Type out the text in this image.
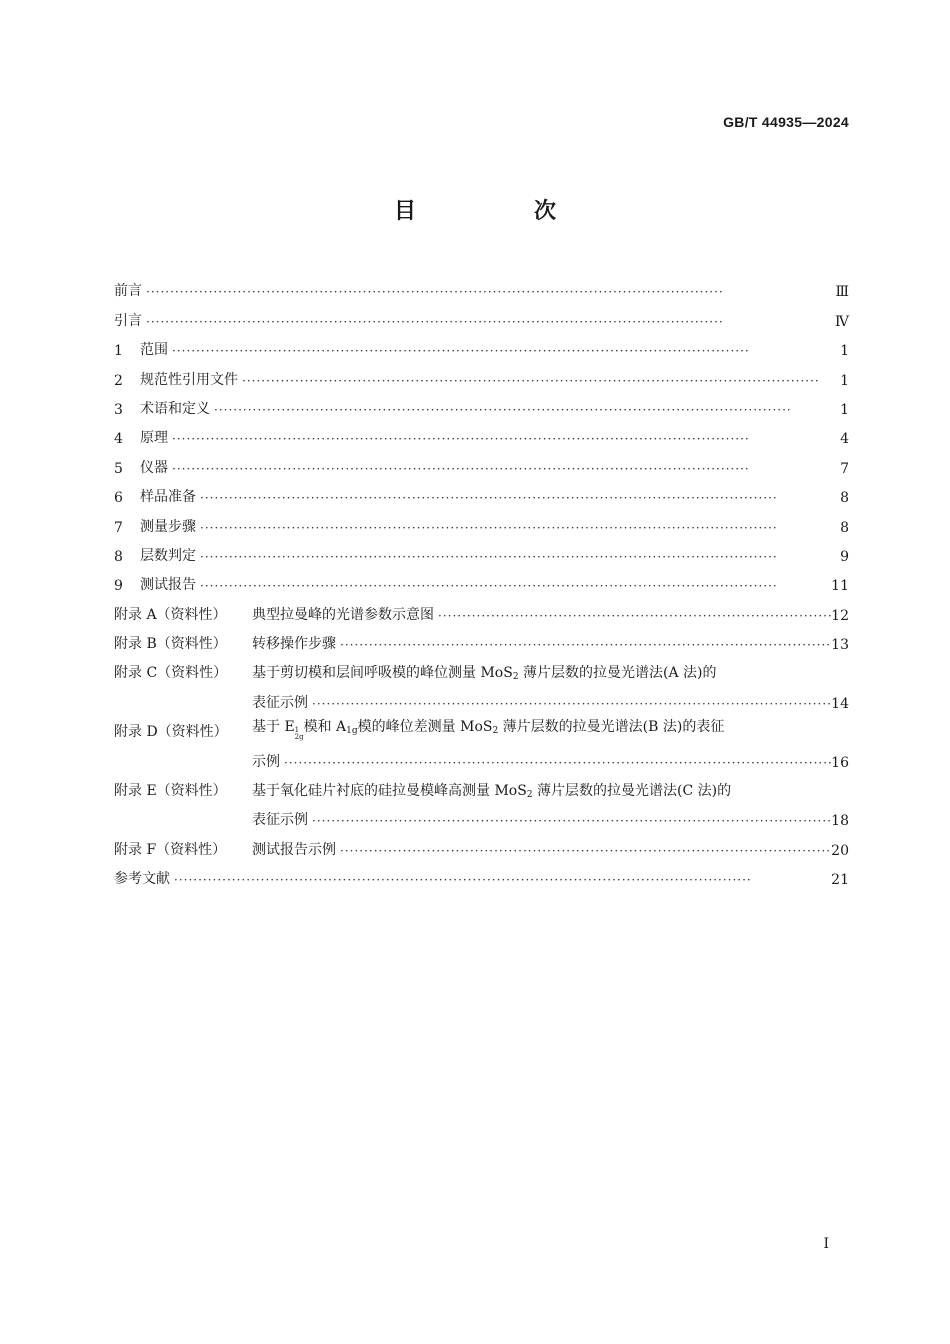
GB/T 44935—2024
目　次
前言 ·····	Ⅲ
引言 ·····	Ⅳ
1	范围 ·····	1
2	规范性引用文件 ·····	1
3	术语和定义 ·····	1
4	原理 ·····	4
5	仪器 ·····	7
6	样品准备 ·····	8
7	测量步骤 ·····	8
8	层数判定 ·····	9
9	测试报告 ·····	11
附录 A（资料性）	典型拉曼峰的光谱参数示意图 ·····	12
附录 B（资料性）	转移操作步骤 ·····	13
附录 C（资料性）	基于剪切模和层间呼吸模的峰位测量 MoS$_2$ 薄片层数的拉曼光谱法(A 法)的
表征示例 ·····	14
附录 D（资料性）	基于 E 1
2g
模和 $A_{1g}$模的峰位差测量 MoS$_2$ 薄片层数的拉曼光谱法(B 法)的表征
示例 ·····	16
附录 E（资料性）	基于氧化硅片衬底的硅拉曼模峰高测量 MoS$_2$ 薄片层数的拉曼光谱法(C 法)的
表征示例 ·····	18
附录 F（资料性）	测试报告示例 ·····	20
参考文献 ·····	21
Ⅰ
